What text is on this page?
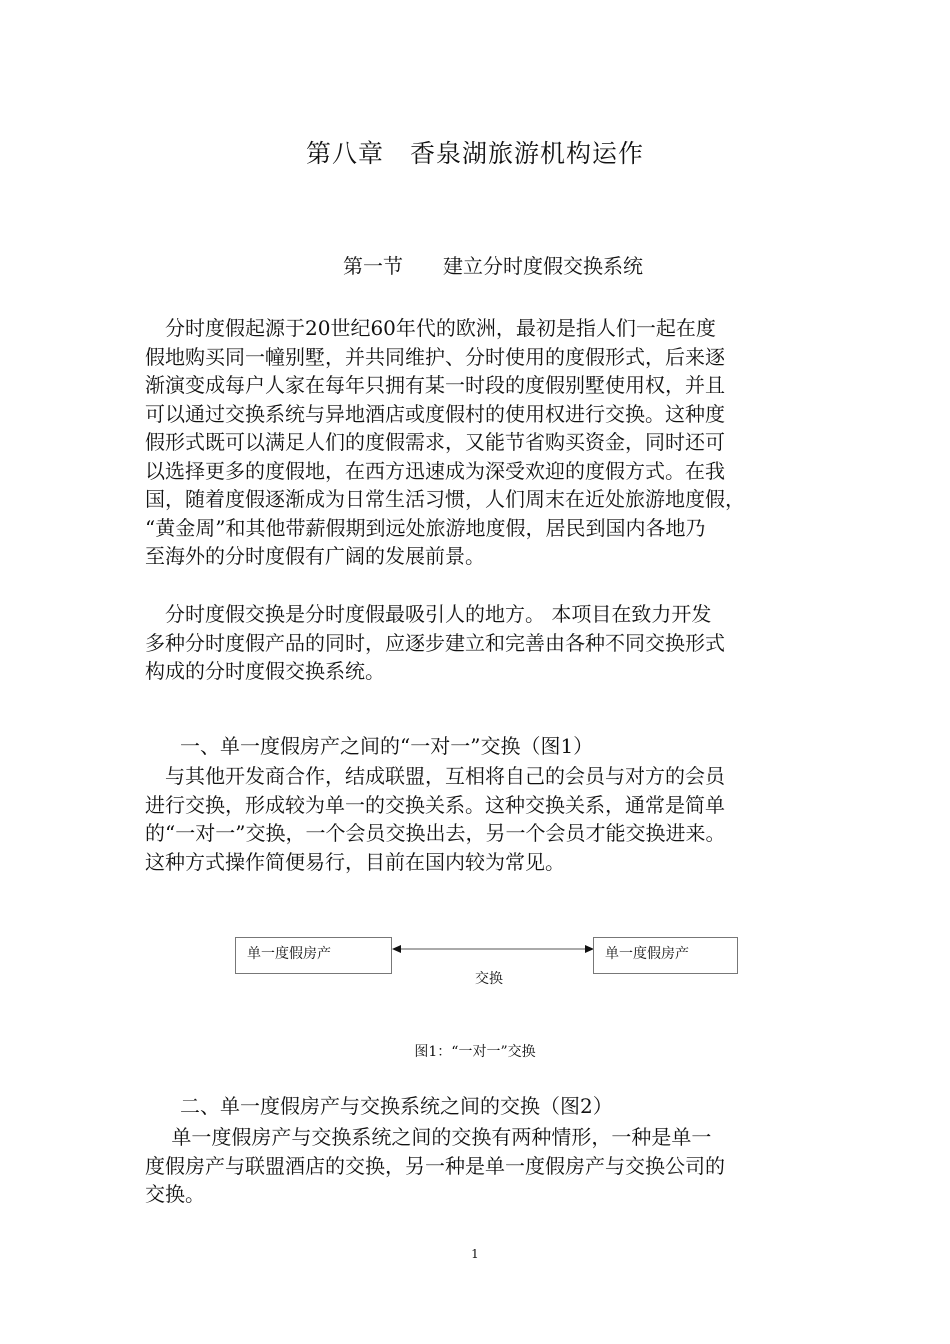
第八章　香泉湖旅游机构运作
第一节　　建立分时度假交换系统
　分时度假起源于20世纪60年代的欧洲，最初是指人们一起在度
假地购买同一幢别墅，并共同维护、分时使用的度假形式，后来逐
渐演变成每户人家在每年只拥有某一时段的度假别墅使用权，并且
可以通过交换系统与异地酒店或度假村的使用权进行交换。这种度
假形式既可以满足人们的度假需求，又能节省购买资金，同时还可
以选择更多的度假地，在西方迅速成为深受欢迎的度假方式。在我
国，随着度假逐渐成为日常生活习惯，人们周末在近处旅游地度假，
“黄金周”和其他带薪假期到远处旅游地度假，居民到国内各地乃
至海外的分时度假有广阔的发展前景。
　分时度假交换是分时度假最吸引人的地方。 本项目在致力开发
多种分时度假产品的同时，应逐步建立和完善由各种不同交换形式
构成的分时度假交换系统。
一、单一度假房产之间的“一对一”交换（图1）
　与其他开发商合作，结成联盟，互相将自己的会员与对方的会员
进行交换，形成较为单一的交换关系。这种交换关系，通常是简单
的“一对一”交换，一个会员交换出去，另一个会员才能交换进来。
这种方式操作简便易行，目前在国内较为常见。
单一度假房产	单一度假房产
交换
图1：“一对一”交换
二、单一度假房产与交换系统之间的交换（图2）
　 单一度假房产与交换系统之间的交换有两种情形，一种是单一
度假房产与联盟酒店的交换，另一种是单一度假房产与交换公司的
交换。
1
